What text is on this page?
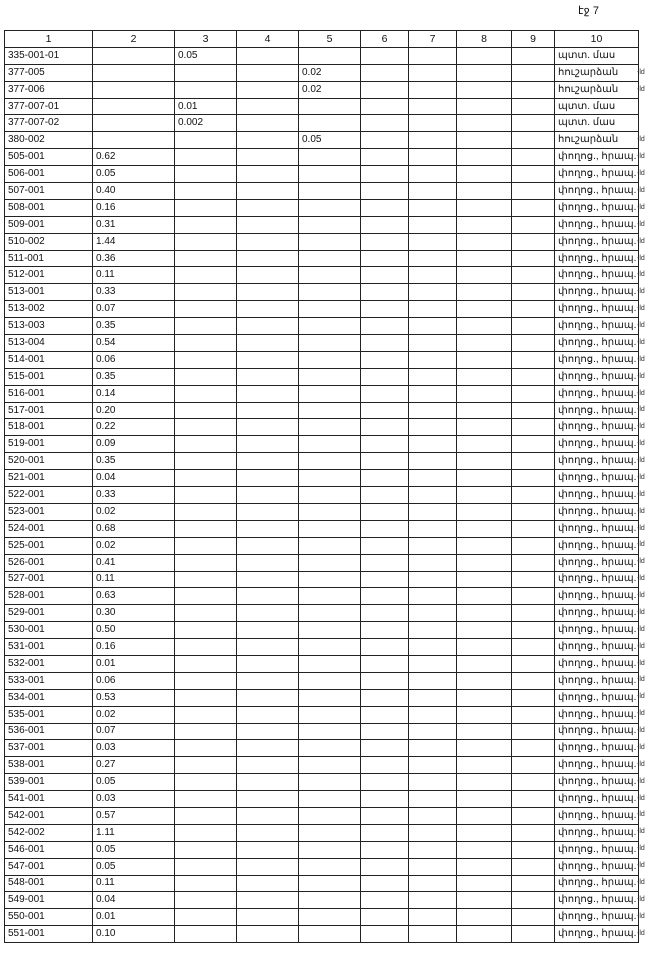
էջ 7
1	2	3	4	5	6	7	8	9	10
335-001-01		0.05							պտտ. մաս
377-005				0.02					հուշարձան
377-006				0.02					հուշարձան
377-007-01		0.01							պտտ. մաս
377-007-02		0.002							պտտ. մաս
380-002				0.05					հուշարձան
505-001	0.62								փողոց., հրապ.
506-001	0.05								փողոց., հրապ.
507-001	0.40								փողոց., հրապ.
508-001	0.16								փողոց., հրապ.
509-001	0.31								փողոց., հրապ.
510-002	1.44								փողոց., հրապ.
511-001	0.36								փողոց., հրապ.
512-001	0.11								փողոց., հրապ.
513-001	0.33								փողոց., հրապ.
513-002	0.07								փողոց., հրապ.
513-003	0.35								փողոց., հրապ.
513-004	0.54								փողոց., հրապ.
514-001	0.06								փողոց., հրապ.
515-001	0.35								փողոց., հրապ.
516-001	0.14								փողոց., հրապ.
517-001	0.20								փողոց., հրապ.
518-001	0.22								փողոց., հրապ.
519-001	0.09								փողոց., հրապ.
520-001	0.35								փողոց., հրապ.
521-001	0.04								փողոց., հրապ.
522-001	0.33								փողոց., հրապ.
523-001	0.02								փողոց., հրապ.
524-001	0.68								փողոց., հրապ.
525-001	0.02								փողոց., հրապ.
526-001	0.41								փողոց., հրապ.
527-001	0.11								փողոց., հրապ.
528-001	0.63								փողոց., հրապ.
529-001	0.30								փողոց., հրապ.
530-001	0.50								փողոց., հրապ.
531-001	0.16								փողոց., հրապ.
532-001	0.01								փողոց., հրապ.
533-001	0.06								փողոց., հրապ.
534-001	0.53								փողոց., հրապ.
535-001	0.02								փողոց., հրապ.
536-001	0.07								փողոց., հրապ.
537-001	0.03								փողոց., հրապ.
538-001	0.27								փողոց., հրապ.
539-001	0.05								փողոց., հրապ.
541-001	0.03								փողոց., հրապ.
542-001	0.57								փողոց., հրապ.
542-002	1.11								փողոց., հրապ.
546-001	0.05								փողոց., հրապ.
547-001	0.05								փողոց., հրապ.
548-001	0.11								փողոց., հրապ.
549-001	0.04								փողոց., հրապ.
550-001	0.01								փողոց., հրապ.
551-001	0.10								փողոց., հրապ.
-ld
-ld
-ld
-ld
-ld
-ld
-ld
-ld
-ld
-ld
-ld
-ld
-ld
-ld
-ld
-ld
-ld
-ld
-ld
-ld
-ld
-ld
-ld
-ld
-ld
-ld
-ld
-ld
-ld
-ld
-ld
-ld
-ld
-ld
-ld
-ld
-ld
-ld
-ld
-ld
-ld
-ld
-ld
-ld
-ld
-ld
-ld
-ld
-ld
-ld
